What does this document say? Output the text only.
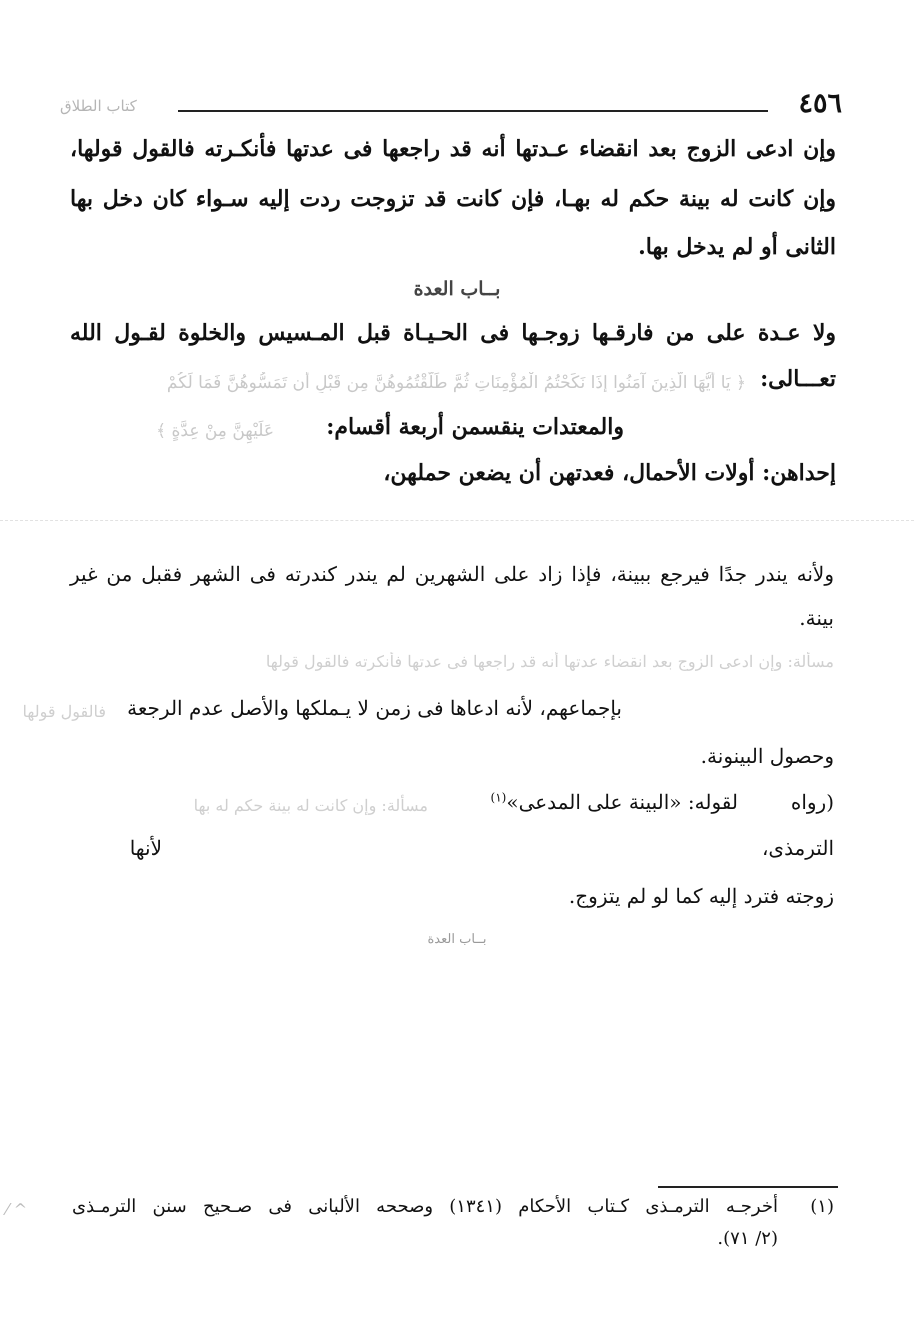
٤٥٦
كتاب الطلاق
وإن ادعى الزوج بعد انقضاء عـدتها أنه قد راجعها فى عدتها فأنكـرته فالقول قولها،
وإن كانت له بينة حكم له بهـا، فإن كانت قد تزوجت ردت إليه سـواء كان دخل بها
الثانى أو لم يدخل بها.
بــاب العدة
ولا عـدة على من فارقـها زوجـها فى الحـيـاة قبل المـسيس والخلوة لقـول الله
تعـــالى:
﴿ يَا أَيُّهَا الَّذِينَ آمَنُوا إِذَا نَكَحْتُمُ الْمُؤْمِنَاتِ ثُمَّ طَلَّقْتُمُوهُنَّ مِن قَبْلِ أَن تَمَسُّوهُنَّ فَمَا لَكُمْ
عَلَيْهِنَّ مِنْ عِدَّةٍ ﴾ والمعتدات ينقسمن أربعة أقسام:
إحداهن: أولات الأحمال، فعدتهن أن يضعن حملهن،
ولأنه يندر جدًا فيرجع ببينة، فإذا زاد على الشهرين لم يندر كندرته فى الشهر فقبل من غير
بينة.
مسألة: وإن ادعى الزوج بعد انقضاء عدتها أنه قد راجعها فى عدتها فأنكرته فالقول قولها
فالقول قولها بإجماعهم، لأنه ادعاها فى زمن لا يـملكها والأصل عدم الرجعة
وحصول البينونة.
مسألة: وإن كانت له بينة حكم له بها	(رواه
لقوله: «البينة على المدعى»$^{(١)}$
الترمذى،
لأنها
زوجته فترد إليه كما لو لم يتزوج.
بــاب العدة
(١)
أخرجـه الترمـذى كـتاب الأحكام (١٣٤١) وصححه الألبانى فى صـحيح سنن الترمـذى
(٢/ ٧١).
⁄ ^
